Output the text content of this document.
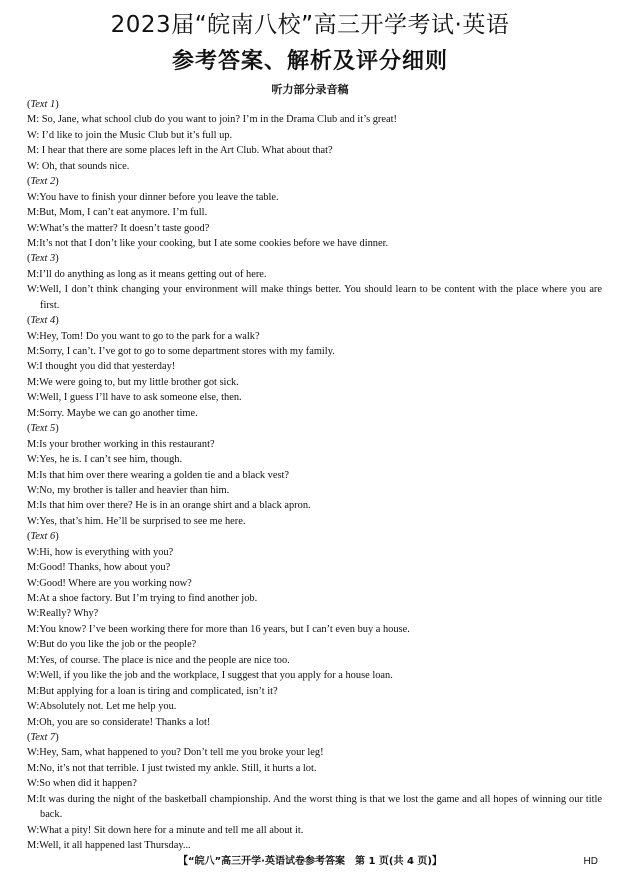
2023届“皖南八校”高三开学考试·英语
参考答案、解析及评分细则
听力部分录音稿
(Text 1)
M: So, Jane, what school club do you want to join? I’m in the Drama Club and it’s great!
W: I’d like to join the Music Club but it’s full up.
M: I hear that there are some places left in the Art Club. What about that?
W: Oh, that sounds nice.
(Text 2)
W:You have to finish your dinner before you leave the table.
M:But, Mom, I can’t eat anymore. I’m full.
W:What’s the matter? It doesn’t taste good?
M:It’s not that I don’t like your cooking, but I ate some cookies before we have dinner.
(Text 3)
M:I’ll do anything as long as it means getting out of here.
W:Well, I don’t think changing your environment will make things better. You should learn to be content with the place where you are first.
(Text 4)
W:Hey, Tom! Do you want to go to the park for a walk?
M:Sorry, I can’t. I’ve got to go to some department stores with my family.
W:I thought you did that yesterday!
M:We were going to, but my little brother got sick.
W:Well, I guess I’ll have to ask someone else, then.
M:Sorry. Maybe we can go another time.
(Text 5)
M:Is your brother working in this restaurant?
W:Yes, he is. I can’t see him, though.
M:Is that him over there wearing a golden tie and a black vest?
W:No, my brother is taller and heavier than him.
M:Is that him over there? He is in an orange shirt and a black apron.
W:Yes, that’s him. He’ll be surprised to see me here.
(Text 6)
W:Hi, how is everything with you?
M:Good! Thanks, how about you?
W:Good! Where are you working now?
M:At a shoe factory. But I’m trying to find another job.
W:Really? Why?
M:You know? I’ve been working there for more than 16 years, but I can’t even buy a house.
W:But do you like the job or the people?
M:Yes, of course. The place is nice and the people are nice too.
W:Well, if you like the job and the workplace, I suggest that you apply for a house loan.
M:But applying for a loan is tiring and complicated, isn’t it?
W:Absolutely not. Let me help you.
M:Oh, you are so considerate! Thanks a lot!
(Text 7)
W:Hey, Sam, what happened to you? Don’t tell me you broke your leg!
M:No, it’s not that terrible. I just twisted my ankle. Still, it hurts a lot.
W:So when did it happen?
M:It was during the night of the basketball championship. And the worst thing is that we lost the game and all hopes of winning our title back.
W:What a pity! Sit down here for a minute and tell me all about it.
M:Well, it all happened last Thursday...
【“皖八”高三开学·英语试卷参考答案　第 1 页(共 4 页)】	HD
